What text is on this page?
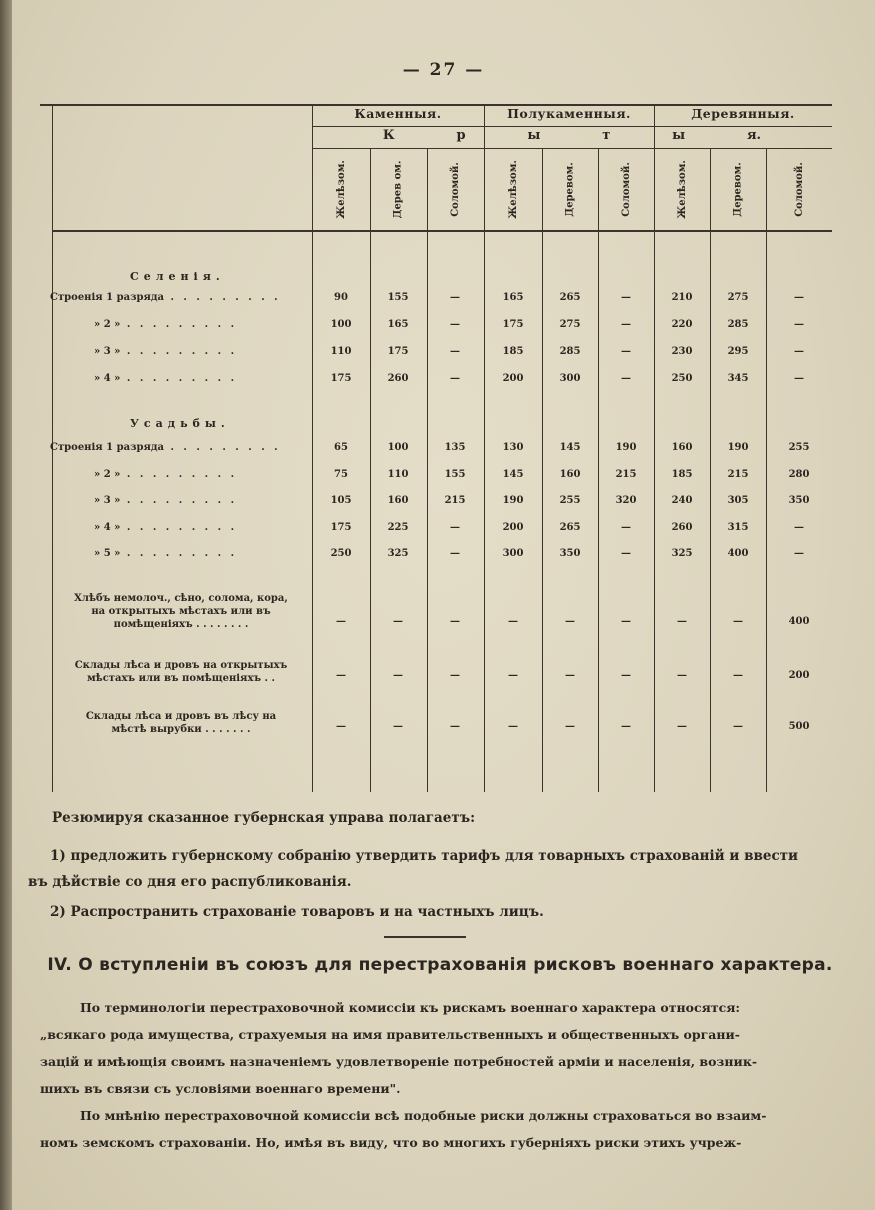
— 27 —
Каменныя.	Полукаменныя.	Деревянныя.
К	р	ы	т	ы	я.
Желѣзом.	Дерев ом.	Соломой.	Желѣзом.	Деревом.	Соломой.	Желѣзом.	Деревом.	Соломой.
Селенія.
Усадьбы.
Строенія 1 разряда . . . . . . . . .	90	155	—	165	265	—	210	275	—
» 2 » . . . . . . . . .	100	165	—	175	275	—	220	285	—
» 3 » . . . . . . . . .	110	175	—	185	285	—	230	295	—
» 4 » . . . . . . . . .	175	260	—	200	300	—	250	345	—
Строенія 1 разряда . . . . . . . . .	65	100	135	130	145	190	160	190	255
» 2 » . . . . . . . . .	75	110	155	145	160	215	185	215	280
» 3 » . . . . . . . . .	105	160	215	190	255	320	240	305	350
» 4 » . . . . . . . . .	175	225	—	200	265	—	260	315	—
» 5 » . . . . . . . . .	250	325	—	300	350	—	325	400	—
Хлѣбъ немолоч., сѣно, солома, кора,
на открытыхъ мѣстахъ или въ
помѣщеніяхъ . . . . . . . .	—	—	—	—	—	—	—	—	400
Склады лѣса и дровъ на открытыхъ
мѣстахъ или въ помѣщеніяхъ . .	—	—	—	—	—	—	—	—	200
Склады лѣса и дровъ въ лѣсу на
мѣстѣ вырубки . . . . . . .	—	—	—	—	—	—	—	—	500
Резюмируя сказанное губернская управа полагаетъ:
1) предложить губернскому собранію утвердить тарифъ для товарныхъ страхованій и ввести
въ дѣйствіе со дня его распубликованія.
2) Распространить страхованіе товаровъ и на частныхъ лицъ.
IV. О вступленіи въ союзъ для перестрахованія рисковъ военнаго характера.
По терминологіи перестраховочной комиссіи къ рискамъ военнаго характера относятся:
„всякаго рода имущества, страхуемыя на имя правительственныхъ и общественныхъ органи-
зацій и имѣющія своимъ назначеніемъ удовлетвореніе потребностей арміи и населенія, возник-
шихъ въ связи съ условіями военнаго времени".
По мнѣнію перестраховочной комиссіи всѣ подобные риски должны страховаться во взаим-
номъ земскомъ страхованіи. Но, имѣя въ виду, что во многихъ губерніяхъ риски этихъ учреж-
